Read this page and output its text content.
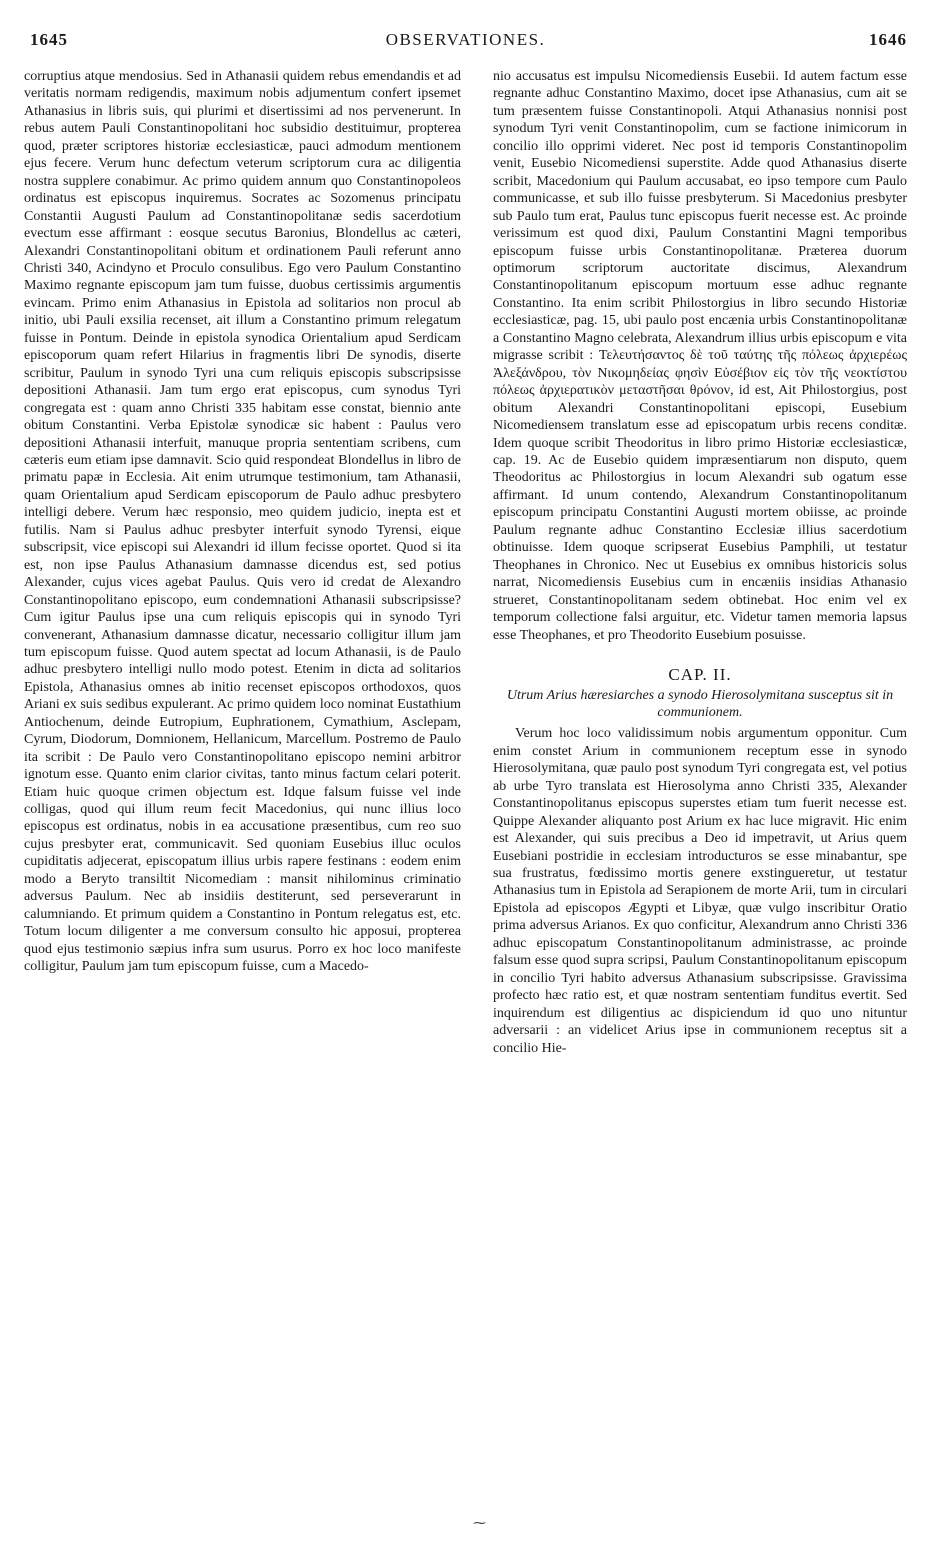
1645	OBSERVATIONES.	1646

corruptius atque mendosius. Sed in Athanasii quidem rebus emendandis et ad veritatis normam redigendis, maximum nobis adjumentum confert ipsemet Athanasius in libris suis, qui plurimi et disertissimi ad nos pervenerunt. In rebus autem Pauli Constantinopolitani hoc subsidio destituimur, propterea quod, præter scriptores historiæ ecclesiasticæ, pauci admodum mentionem ejus fecere. Verum hunc defectum veterum scriptorum cura ac diligentia nostra supplere conabimur. Ac primo quidem annum quo Constantinopoleos ordinatus est episcopus inquiremus. Socrates ac Sozomenus principatu Constantii Augusti Paulum ad Constantinopolitanæ sedis sacerdotium evectum esse affirmant : eosque secutus Baronius, Blondellus ac cæteri, Alexandri Constantinopolitani obitum et ordinationem Pauli referunt anno Christi 340, Acindyno et Proculo consulibus. Ego vero Paulum Constantino Maximo regnante episcopum jam tum fuisse, duobus certissimis argumentis evincam. Primo enim Athanasius in Epistola ad solitarios non procul ab initio, ubi Pauli exsilia recenset, ait illum a Constantino primum relegatum fuisse in Pontum. Deinde in epistola synodica Orientalium apud Serdicam episcoporum quam refert Hilarius in fragmentis libri De synodis, diserte scribitur, Paulum in synodo Tyri una cum reliquis episcopis subscripsisse depositioni Athanasii. Jam tum ergo erat episcopus, cum synodus Tyri congregata est : quam anno Christi 335 habitam esse constat, biennio ante obitum Constantini. Verba Epistolæ synodicæ sic habent : Paulus vero depositioni Athanasii interfuit, manuque propria sententiam scribens, cum cæteris eum etiam ipse damnavit. Scio quid respondeat Blondellus in libro de primatu papæ in Ecclesia. Ait enim utrumque testimonium, tam Athanasii, quam Orientalium apud Serdicam episcoporum de Paulo adhuc presbytero intelligi debere. Verum hæc responsio, meo quidem judicio, inepta est et futilis. Nam si Paulus adhuc presbyter interfuit synodo Tyrensi, eique subscripsit, vice episcopi sui Alexandri id illum fecisse oportet. Quod si ita est, non ipse Paulus Athanasium damnasse dicendus est, sed potius Alexander, cujus vices agebat Paulus. Quis vero id credat de Alexandro Constantinopolitano episcopo, eum condemnationi Athanasii subscripsisse? Cum igitur Paulus ipse una cum reliquis episcopis qui in synodo Tyri convenerant, Athanasium damnasse dicatur, necessario colligitur illum jam tum episcopum fuisse. Quod autem spectat ad locum Athanasii, is de Paulo adhuc presbytero intelligi nullo modo potest. Etenim in dicta ad solitarios Epistola, Athanasius omnes ab initio recenset episcopos orthodoxos, quos Ariani ex suis sedibus expulerant. Ac primo quidem loco nominat Eustathium Antiochenum, deinde Eutropium, Euphrationem, Cymathium, Asclepam, Cyrum, Diodorum, Domnionem, Hellanicum, Marcellum. Postremo de Paulo ita scribit : De Paulo vero Constantinopolitano episcopo nemini arbitror ignotum esse. Quanto enim clarior civitas, tanto minus factum celari poterit. Etiam huic quoque crimen objectum est. Idque falsum fuisse vel inde colligas, quod qui illum reum fecit Macedonius, qui nunc illius loco episcopus est ordinatus, nobis in ea accusatione præsentibus, cum reo suo cujus presbyter erat, communicavit. Sed quoniam Eusebius illuc oculos cupiditatis adjecerat, episcopatum illius urbis rapere festinans : eodem enim modo a Beryto transiltit Nicomediam : mansit nihilominus criminatio adversus Paulum. Nec ab insidiis destiterunt, sed perseverarunt in calumniando. Et primum quidem a Constantino in Pontum relegatus est, etc. Totum locum diligenter a me conversum consulto hic apposui, propterea quod ejus testimonio sæpius infra sum usurus. Porro ex hoc loco manifeste colligitur, Paulum jam tum episcopum fuisse, cum a Macedo-

nio accusatus est impulsu Nicomediensis Eusebii. Id autem factum esse regnante adhuc Constantino Maximo, docet ipse Athanasius, cum ait se tum præsentem fuisse Constantinopoli. Atqui Athanasius nonnisi post synodum Tyri venit Constantinopolim, cum se factione inimicorum in concilio illo opprimi videret. Nec post id temporis Constantinopolim venit, Eusebio Nicomediensi superstite. Adde quod Athanasius diserte scribit, Macedonium qui Paulum accusabat, eo ipso tempore cum Paulo communicasse, et sub illo fuisse presbyterum. Si Macedonius presbyter sub Paulo tum erat, Paulus tunc episcopus fuerit necesse est. Ac proinde verissimum est quod dixi, Paulum Constantini Magni temporibus episcopum fuisse urbis Constantinopolitanæ. Præterea duorum optimorum scriptorum auctoritate discimus, Alexandrum Constantinopolitanum episcopum mortuum esse adhuc regnante Constantino. Ita enim scribit Philostorgius in libro secundo Historiæ ecclesiasticæ, pag. 15, ubi paulo post encænia urbis Constantinopolitanæ a Constantino Magno celebrata, Alexandrum illius urbis episcopum e vita migrasse scribit : Τελευτήσαντος δὲ τοῦ ταύτης τῆς πόλεως ἀρχιερέως Ἀλεξάνδρου, τὸν Νικομηδείας φησὶν Εὐσέβιον εἰς τὸν τῆς νεοκτίστου πόλεως ἀρχιερατικὸν μεταστῆσαι θρόνον, id est, Ait Philostorgius, post obitum Alexandri Constantinopolitani episcopi, Eusebium Nicomediensem translatum esse ad episcopatum urbis recens conditæ. Idem quoque scribit Theodoritus in libro primo Historiæ ecclesiasticæ, cap. 19. Ac de Eusebio quidem impræsentiarum non disputo, quem Theodoritus ac Philostorgius in locum Alexandri sub ogatum esse affirmant. Id unum contendo, Alexandrum Constantinopolitanum episcopum principatu Constantini Augusti mortem obiisse, ac proinde Paulum regnante adhuc Constantino Ecclesiæ illius sacerdotium obtinuisse. Idem quoque scripserat Eusebius Pamphili, ut testatur Theophanes in Chronico. Nec ut Eusebius ex omnibus historicis solus narrat, Nicomediensis Eusebius cum in encæniis insidias Athanasio strueret, Constantinopolitanam sedem obtinebat. Hoc enim vel ex temporum collectione falsi arguitur, etc. Videtur tamen memoria lapsus esse Theophanes, et pro Theodorito Eusebium posuisse.

CAP. II.
Utrum Arius hæresiarches a synodo Hierosolymitana susceptus sit in communionem.

Verum hoc loco validissimum nobis argumentum opponitur. Cum enim constet Arium in communionem receptum esse in synodo Hierosolymitana, quæ paulo post synodum Tyri congregata est, vel potius ab urbe Tyro translata est Hierosolyma anno Christi 335, Alexander Constantinopolitanus episcopus superstes etiam tum fuerit necesse est. Quippe Alexander aliquanto post Arium ex hac luce migravit. Hic enim est Alexander, qui suis precibus a Deo id impetravit, ut Arius quem Eusebiani postridie in ecclesiam introducturos se esse minabantur, spe sua frustratus, fœdissimo mortis genere exstingueretur, ut testatur Athanasius tum in Epistola ad Serapionem de morte Arii, tum in circulari Epistola ad episcopos Ægypti et Libyæ, quæ vulgo inscribitur Oratio prima adversus Arianos. Ex quo conficitur, Alexandrum anno Christi 336 adhuc episcopatum Constantinopolitanum administrasse, ac proinde falsum esse quod supra scripsi, Paulum Constantinopolitanum episcopum in concilio Tyri habito adversus Athanasium subscripsisse. Gravissima profecto hæc ratio est, et quæ nostram sententiam funditus evertit. Sed inquirendum est diligentius ac dispiciendum id quo uno nituntur adversarii : an videlicet Arius ipse in communionem receptus sit a concilio Hie-

⁓
